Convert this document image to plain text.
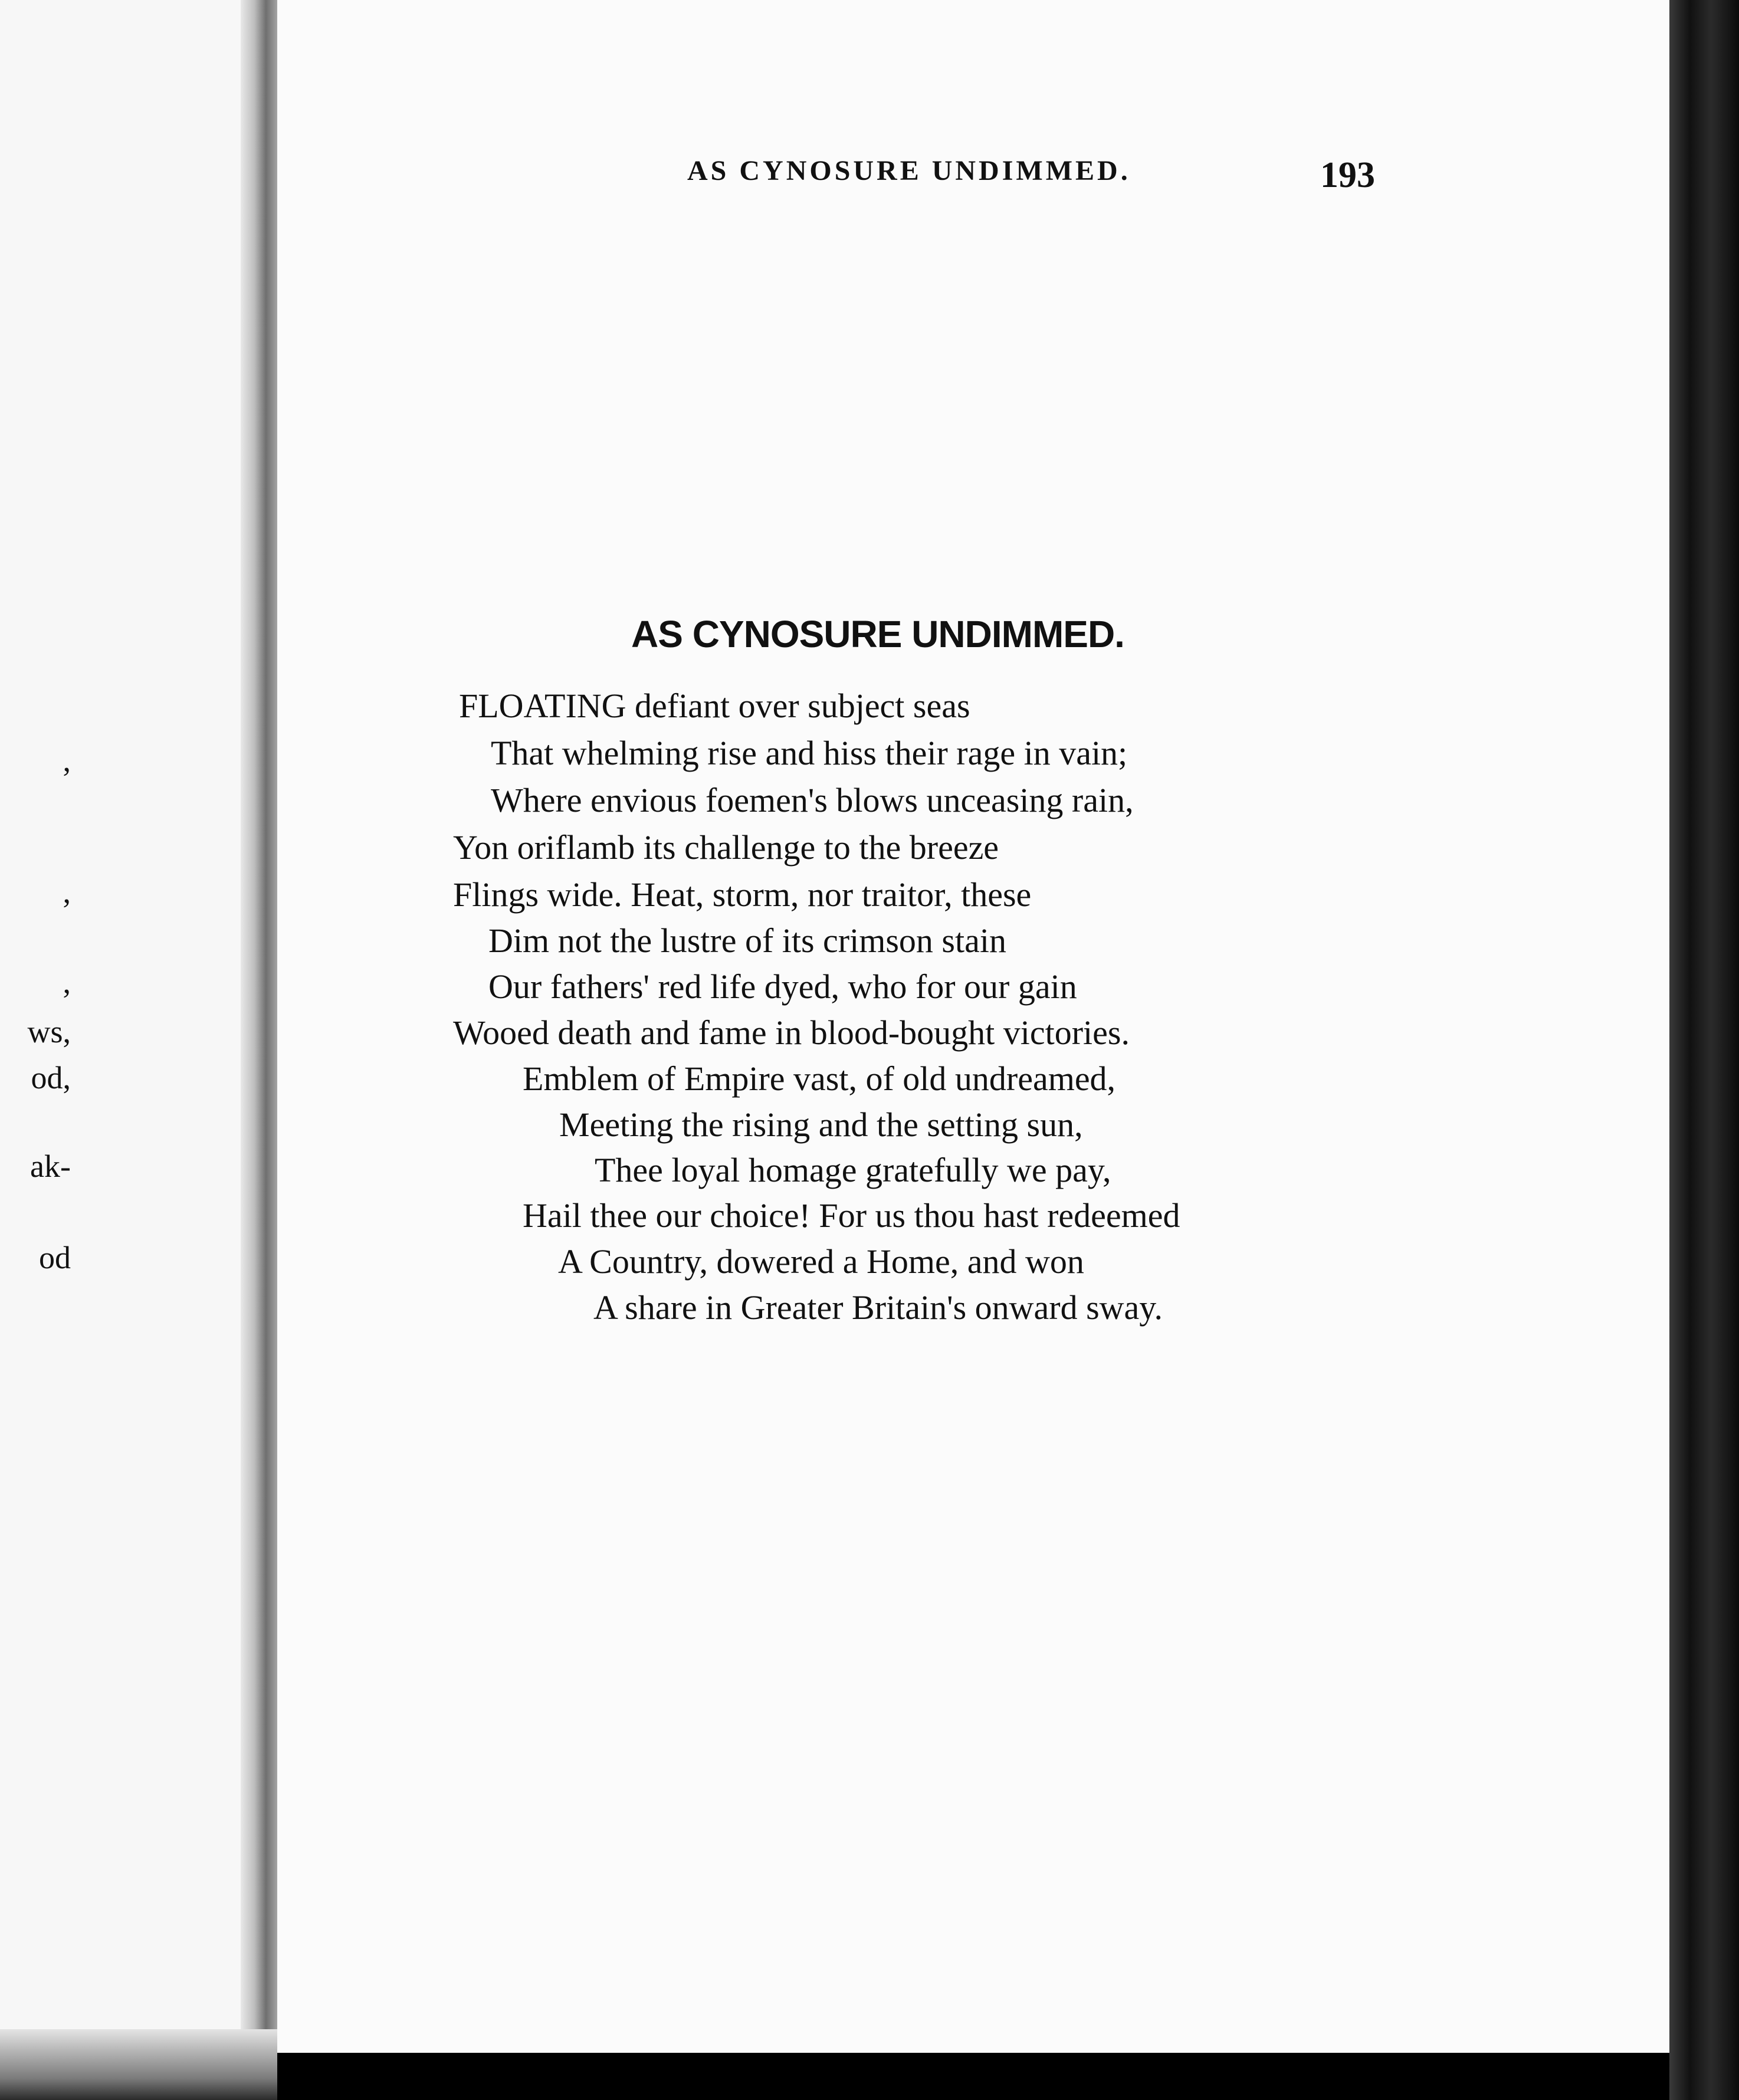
,
,
,
ws,
od,
ak-
od
AS CYNOSURE UNDIMMED.	193
AS CYNOSURE UNDIMMED.
FLOATING defiant over subject seas
That whelming rise and hiss their rage in vain;
Where envious foemen's blows unceasing rain,
Yon oriflamb its challenge to the breeze
Flings wide. Heat, storm, nor traitor, these
Dim not the lustre of its crimson stain
Our fathers' red life dyed, who for our gain
Wooed death and fame in blood-bought victories.
Emblem of Empire vast, of old undreamed,
Meeting the rising and the setting sun,
Thee loyal homage gratefully we pay,
Hail thee our choice! For us thou hast redeemed
A Country, dowered a Home, and won
A share in Greater Britain's onward sway.
